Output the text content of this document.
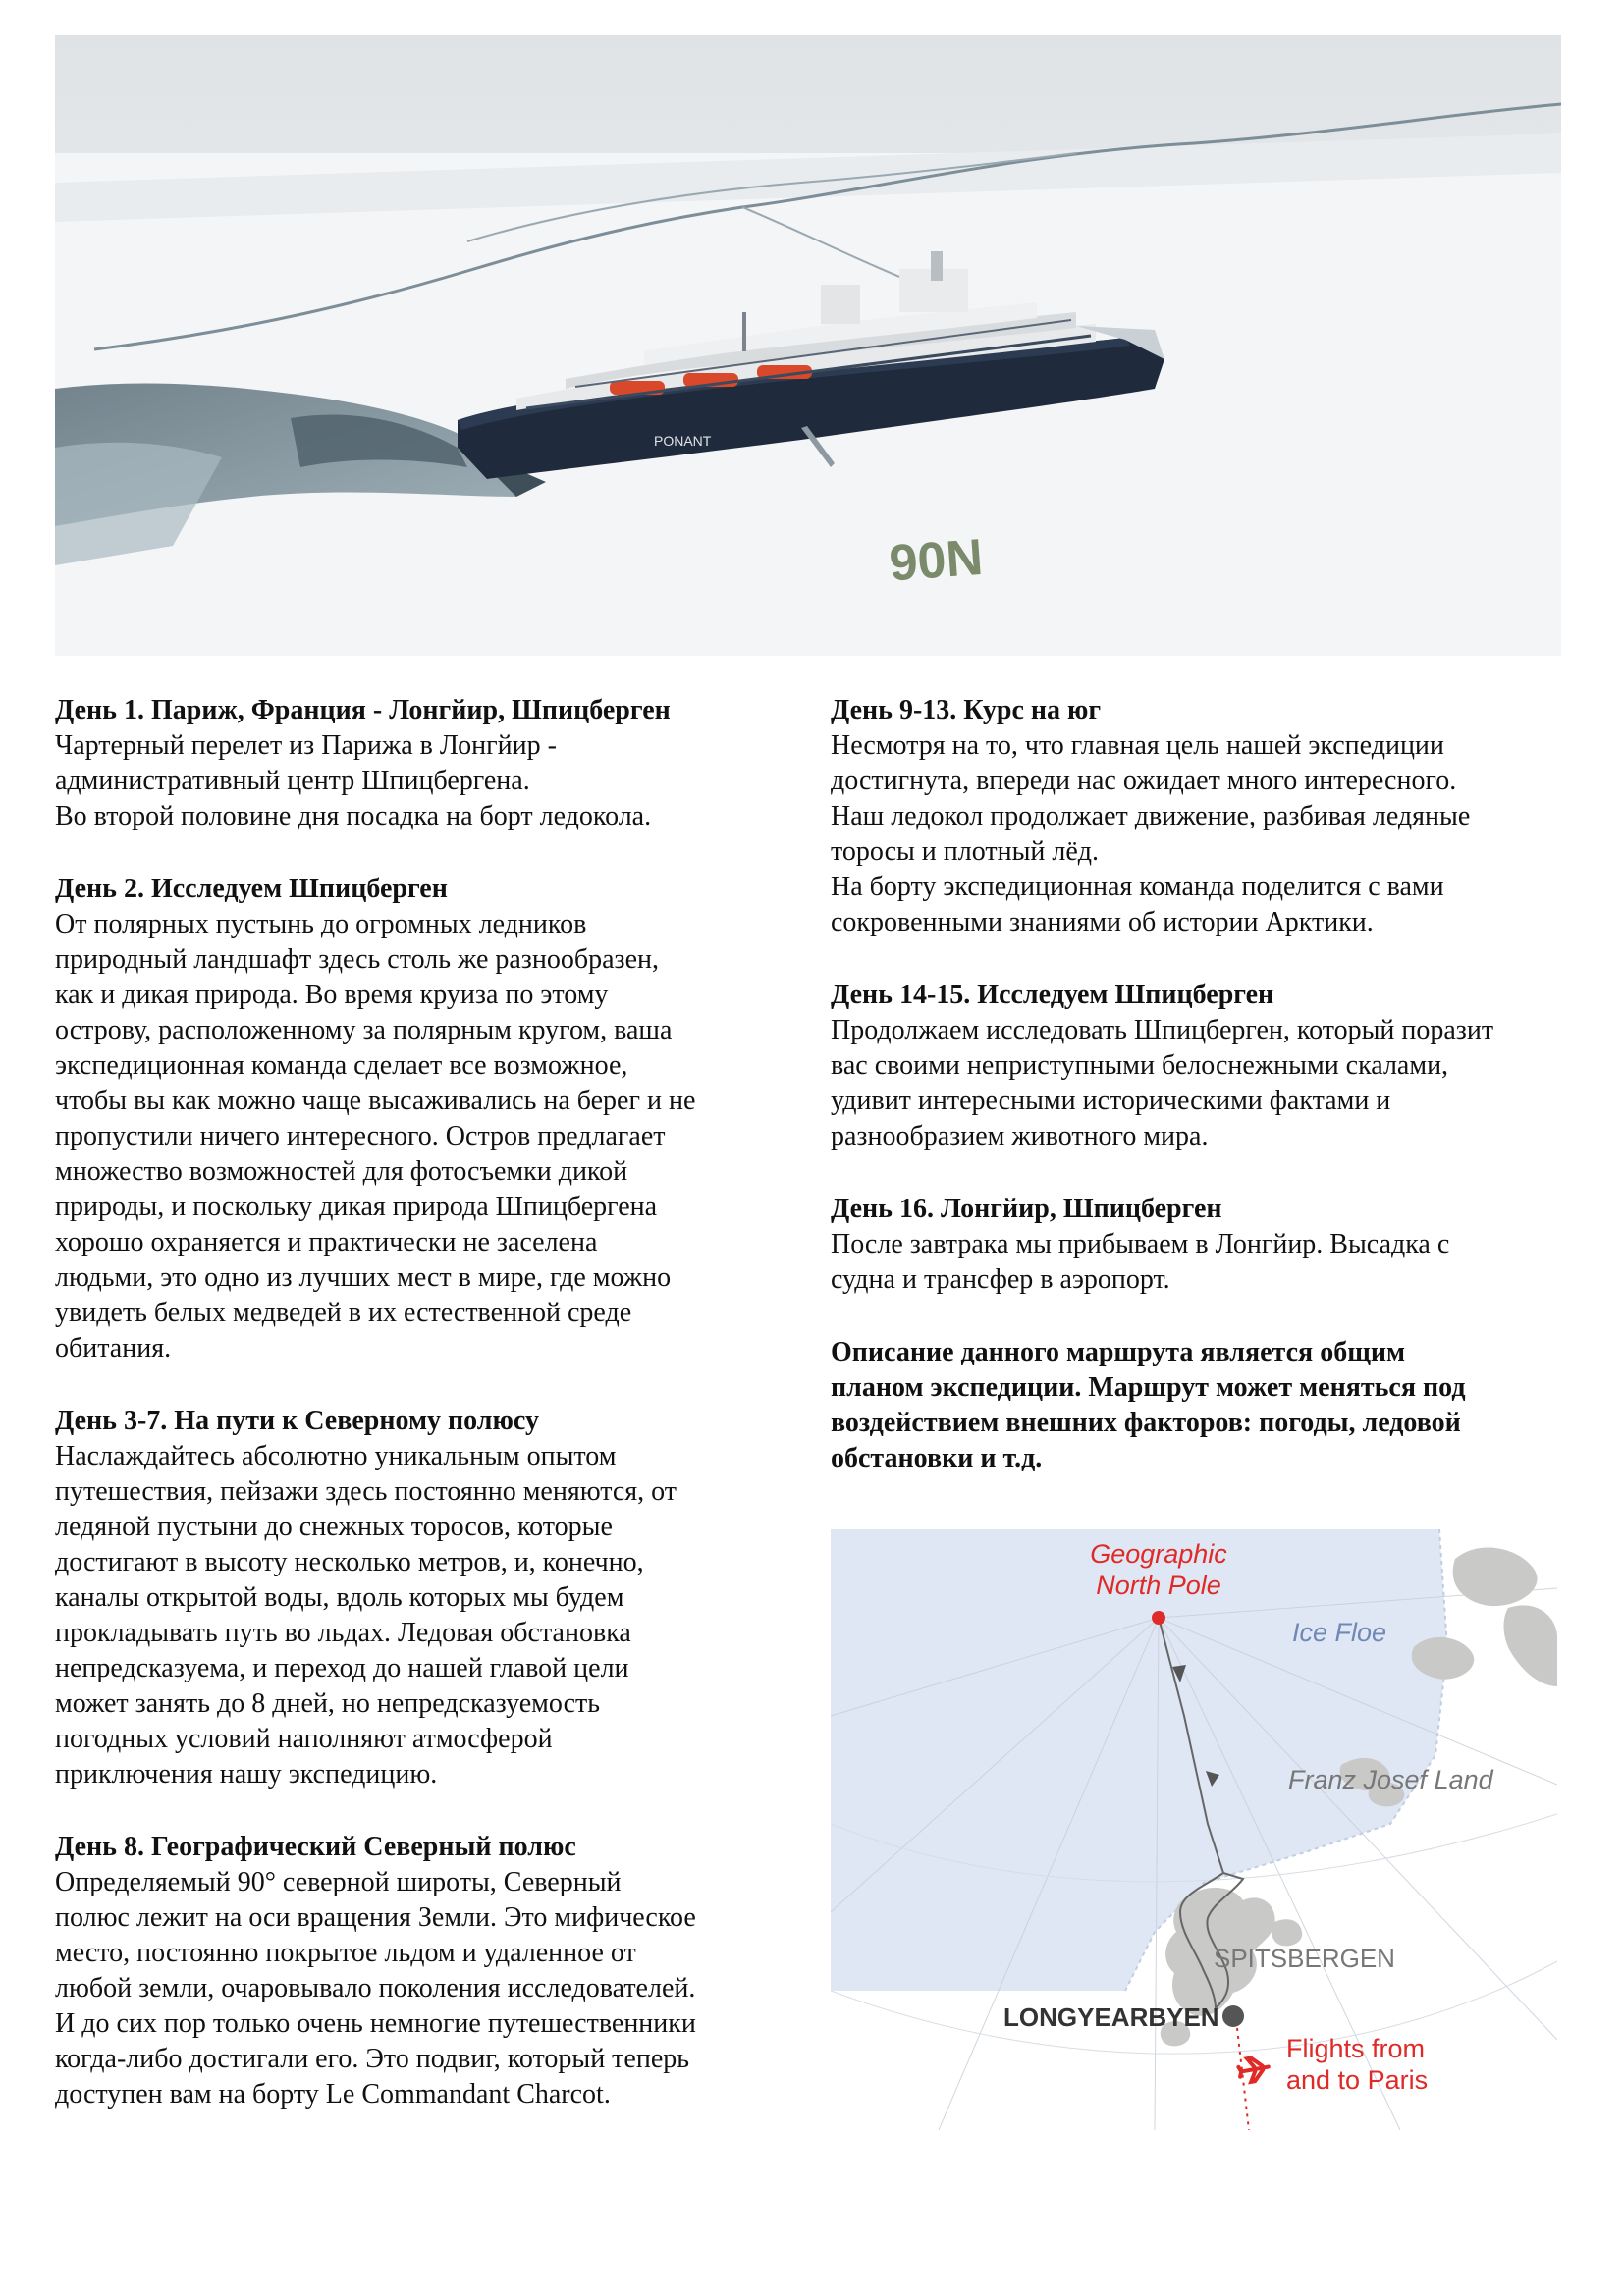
PONANT
90N
День 1. Париж, Франция - Лонгйир, Шпицберген

Чартерный перелет из Парижа в Лонгйир -
административный центр Шпицбергена.
Во второй половине дня посадка на борт ледокола.

День 2. Исследуем Шпицберген

От полярных пустынь до огромных ледников
природный ландшафт здесь столь же разнообразен,
как и дикая природа. Во время круиза по этому
острову, расположенному за полярным кругом, ваша
экспедиционная команда сделает все возможное,
чтобы вы как можно чаще высаживались на берег и не
пропустили ничего интересного. Остров предлагает
множество возможностей для фотосъемки дикой
природы, и поскольку дикая природа Шпицбергена
хорошо охраняется и практически не заселена
людьми, это одно из лучших мест в мире, где можно
увидеть белых медведей в их естественной среде
обитания.

День 3-7. На пути к Северному полюсу

Наслаждайтесь абсолютно уникальным опытом
путешествия, пейзажи здесь постоянно меняются, от
ледяной пустыни до снежных торосов, которые
достигают в высоту несколько метров, и, конечно,
каналы открытой воды, вдоль которых мы будем
прокладывать путь во льдах. Ледовая обстановка
непредсказуема, и переход до нашей главой цели
может занять до 8 дней, но непредсказуемость
погодных условий наполняют атмосферой
приключения нашу экспедицию.

День 8. Географический Северный полюс

Определяемый 90° северной широты, Северный
полюс лежит на оси вращения Земли. Это мифическое
место, постоянно покрытое льдом и удаленное от
любой земли, очаровывало поколения исследователей.
И до сих пор только очень немногие путешественники
когда-либо достигали его. Это подвиг, который теперь
доступен вам на борту Le Commandant Charcot.

День 9-13. Курс на юг

Несмотря на то, что главная цель нашей экспедиции
достигнута, впереди нас ожидает много интересного.
Наш ледокол продолжает движение, разбивая ледяные
торосы и плотный лёд.
На борту экспедиционная команда поделится с вами
сокровенными знаниями об истории Арктики.

День 14-15. Исследуем Шпицберген

Продолжаем исследовать Шпицберген, который поразит
вас своими неприступными белоснежными скалами,
удивит интересными историческими фактами и
разнообразием животного мира.

День 16. Лонгйир, Шпицберген

После завтрака мы прибываем в Лонгйир. Высадка с
судна и трансфер в аэропорт.

Описание данного маршрута является общим
планом экспедиции. Маршрут может меняться под
воздействием внешних факторов: погоды, ледовой
обстановки и т.д.

Geographic
North Pole
Ice Floe
Franz Josef Land
SPITSBERGEN
LONGYEARBYEN
Flights from
and to Paris
